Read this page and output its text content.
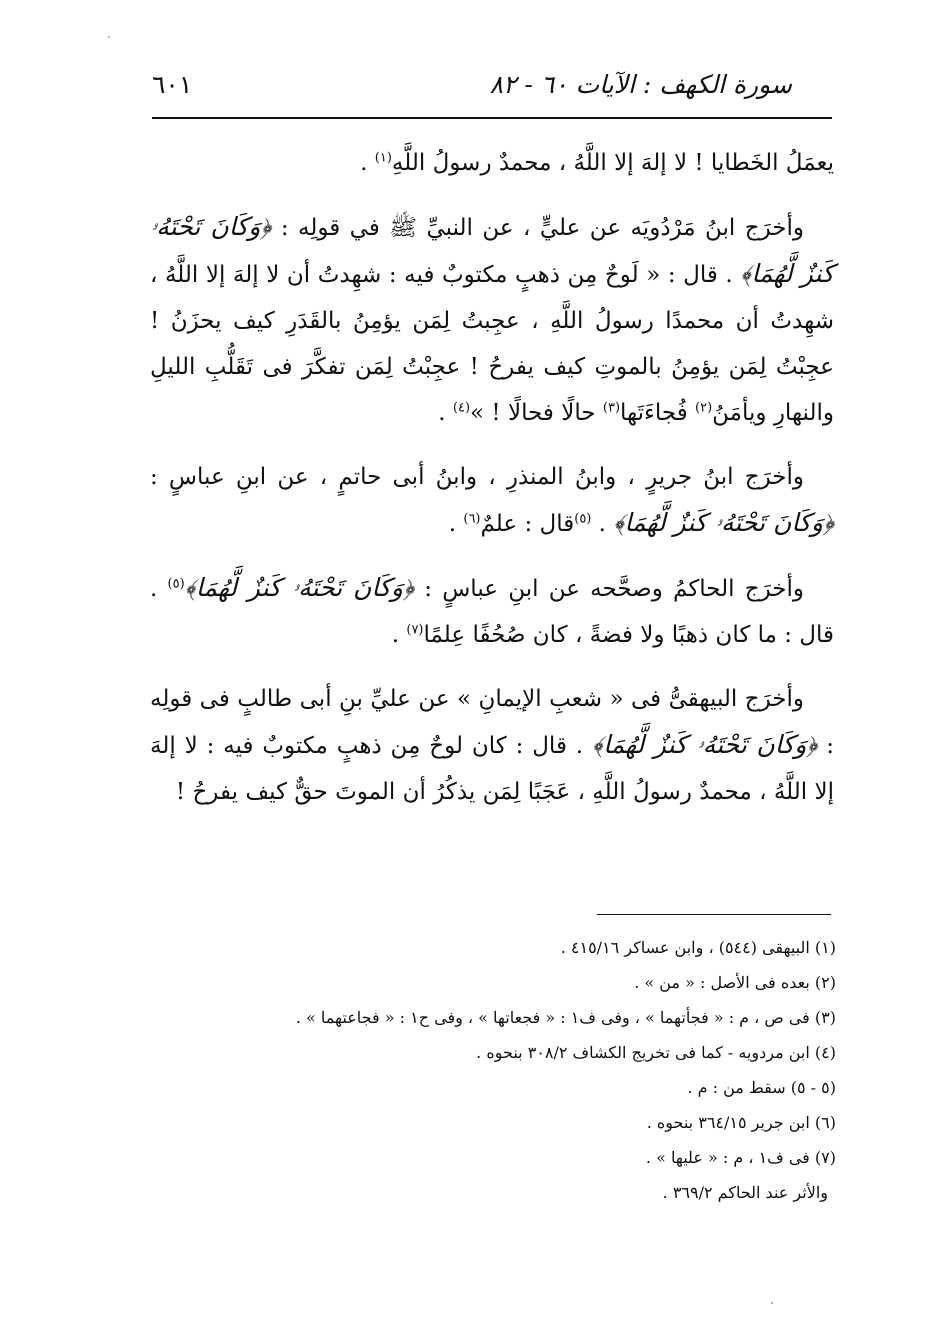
سورة الكهف : الآيات ٦٠ - ٨٢
٦٠١

يعمَلُ الخَطايا ! لا إلهَ إلا اللَّهُ ، محمدٌ رسولُ اللَّهِ$^{(١)}$ .

وأخرَج ابنُ مَرْدُويَه عن عليٍّ ، عن النبيِّ ﷺ في قولِه : ﴿وَكَانَ تَحْتَهُۥ كَنزٌ لَّهُمَا﴾ . قال : « لَوحٌ مِن ذهبٍ مكتوبٌ فيه : شهِدتُ أن لا إلهَ إلا اللَّهُ ، شهِدتُ أن محمدًا رسولُ اللَّهِ ، عجِبتُ لِمَن يؤمِنُ بالقَدَرِ كيف يحزَنُ ! عجِبْتُ لِمَن يؤمِنُ بالموتِ كيف يفرحُ ! عجِبْتُ لِمَن تفكَّرَ فى تَقَلُّبِ الليلِ والنهارِ ويأمَنُ$^{(٢)}$ فُجاءَتَها$^{(٣)}$ حالًا فحالًا ! »$^{(٤)}$ .

وأخرَج ابنُ جريرٍ ، وابنُ المنذرِ ، وابنُ أبى حاتمٍ ، عن ابنِ عباسٍ : ﴿وَكَانَ تَحْتَهُۥ كَنزٌ لَّهُمَا﴾ . $^{(٥)}$قال : علمٌ$^{(٦)}$ .

وأخرَج الحاكمُ وصحَّحه عن ابنِ عباسٍ : ﴿وَكَانَ تَحْتَهُۥ كَنزٌ لَّهُمَا﴾$^{(٥)}$ . قال : ما كان ذهبًا ولا فضةً ، كان صُحُفًا عِلمًا$^{(٧)}$ .

وأخرَج البيهقىُّ فى « شعبِ الإيمانِ » عن عليِّ بنِ أبى طالبٍ فى قولِه : ﴿وَكَانَ تَحْتَهُۥ كَنزٌ لَّهُمَا﴾ . قال : كان لوحٌ مِن ذهبٍ مكتوبٌ فيه : لا إلهَ إلا اللَّهُ ، محمدٌ رسولُ اللَّهِ ، عَجَبًا لِمَن يذكُرُ أن الموتَ حقٌّ كيف يفرحُ !

(١) البيهقى (٥٤٤) ، وابن عساكر ٤١٥/١٦ .

(٢) بعده فى الأصل : « من » .

(٣) فى ص ، م : « فجأتهما » ، وفى ف١ : « فجعاتها » ، وفى ح١ : « فجاعتهما » .

(٤) ابن مردويه - كما فى تخريج الكشاف ٣٠٨/٢ بنحوه .

(٥ - ٥) سقط من : م .

(٦) ابن جرير ٣٦٤/١٥ بنحوه .

(٧) فى ف١ ، م : « عليها » .

والأثر عند الحاكم ٣٦٩/٢ .
